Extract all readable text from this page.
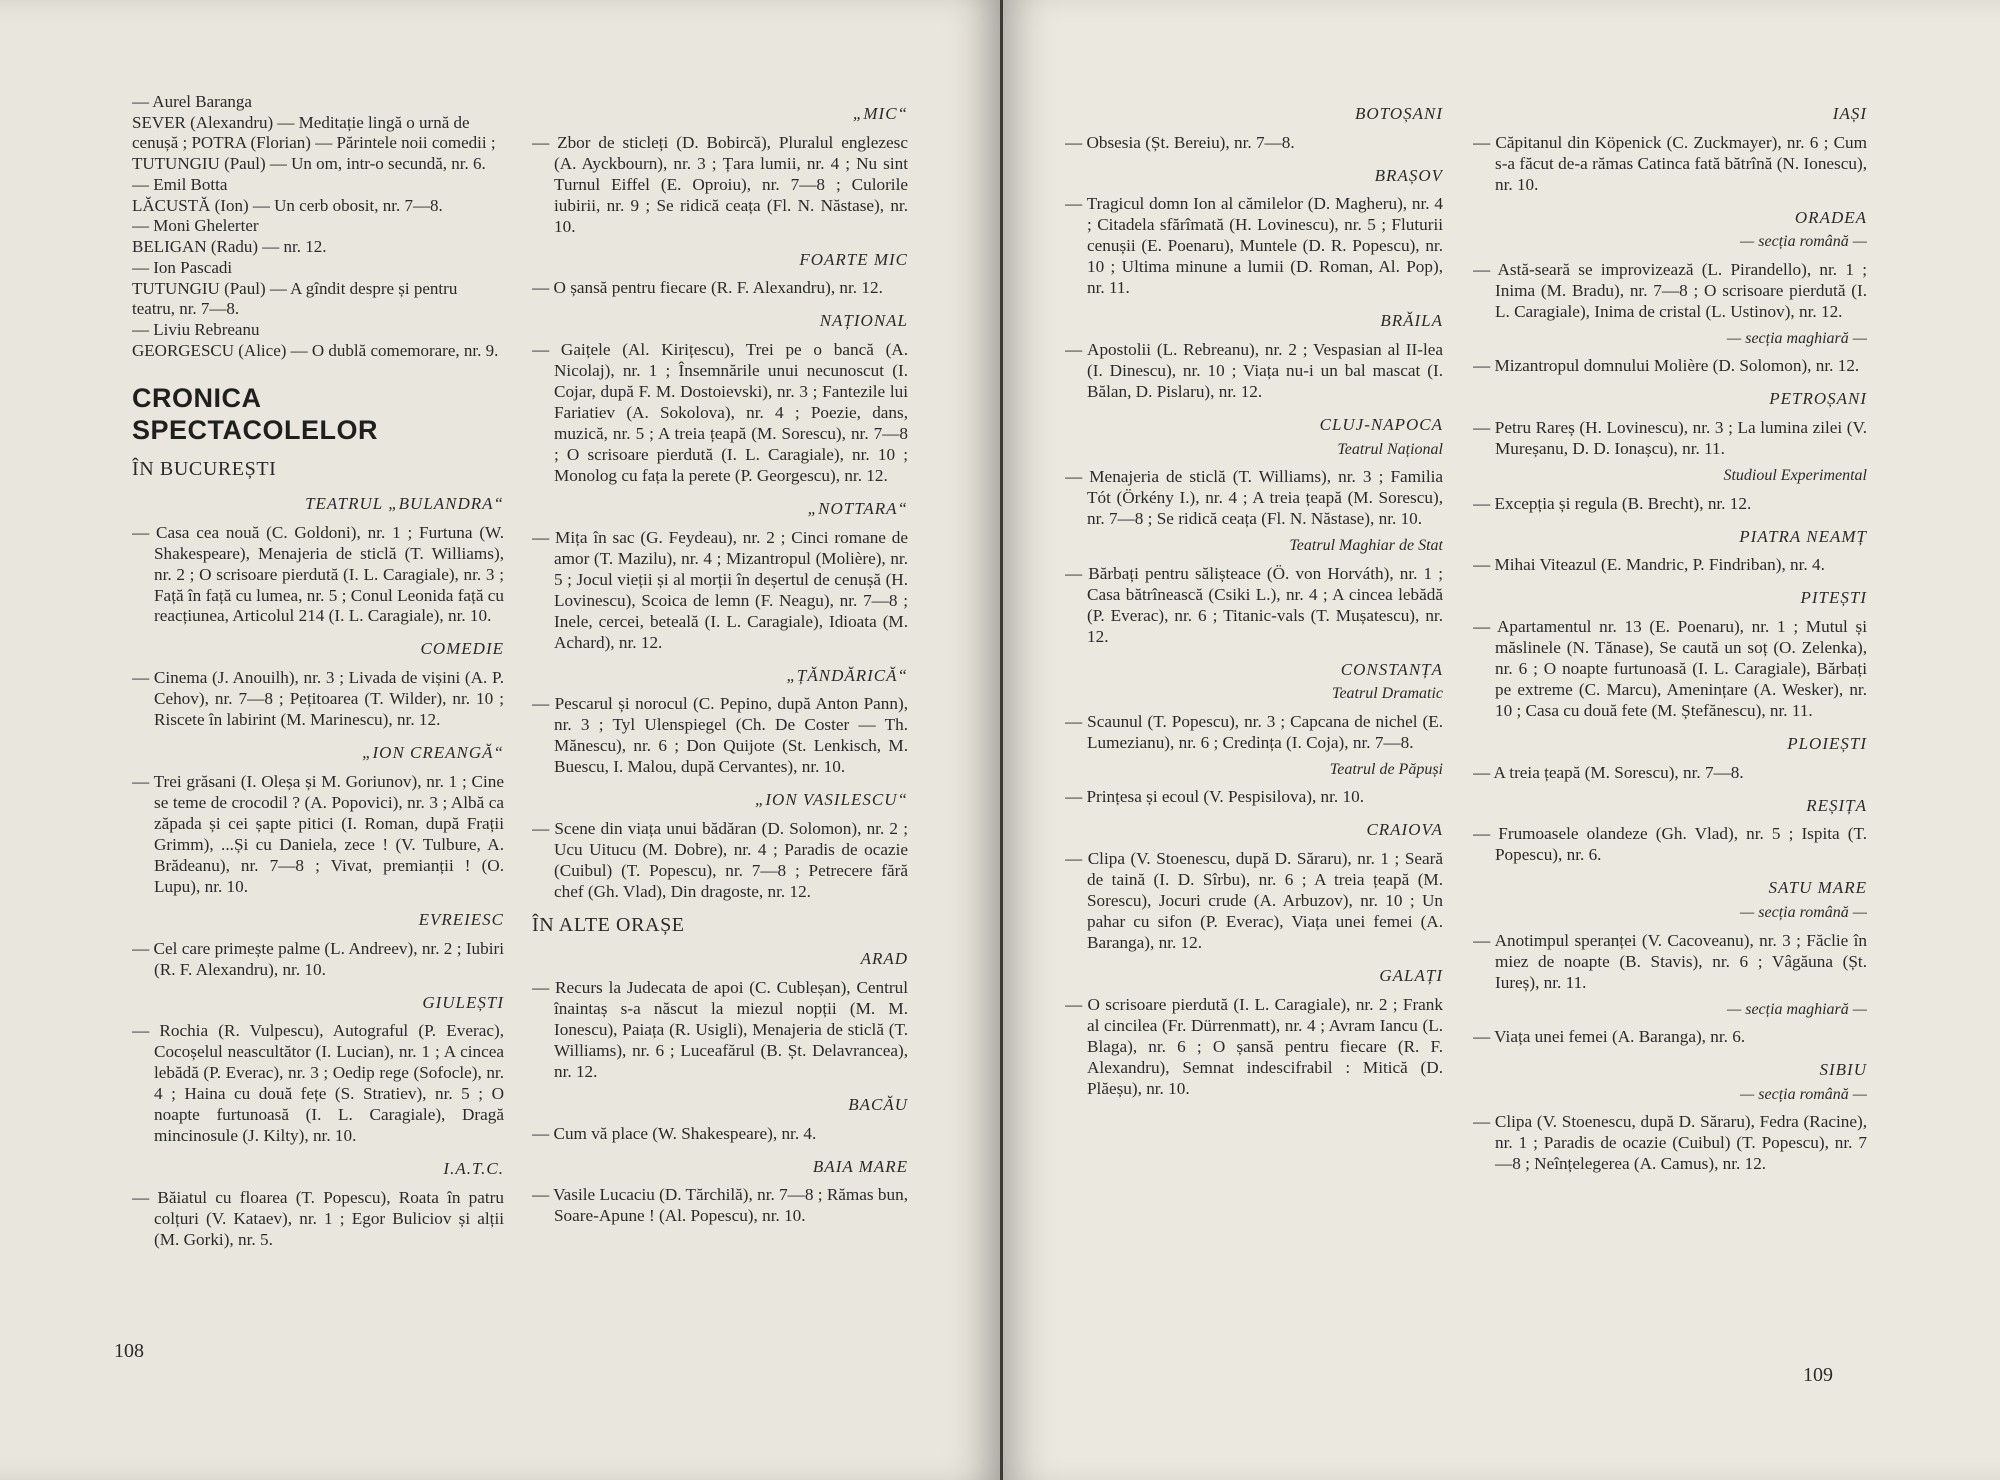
— Aurel Baranga
SEVER (Alexandru) — Meditație lingă o urnă de cenușă ; POTRA (Florian) — Părintele noii comedii ; TUTUNGIU (Paul) — Un om, intr-o secundă, nr. 6.
— Emil Botta
LĂCUSTĂ (Ion) — Un cerb obosit, nr. 7—8.
— Moni Ghelerter
BELIGAN (Radu) — nr. 12.
— Ion Pascadi
TUTUNGIU (Paul) — A gîndit despre și pentru teatru, nr. 7—8.
— Liviu Rebreanu
GEORGESCU (Alice) — O dublă comemorare, nr. 9.
CRONICA SPECTACOLELOR
ÎN BUCUREȘTI
TEATRUL „BULANDRA“
— Casa cea nouă (C. Goldoni), nr. 1 ; Furtuna (W. Shakespeare), Menajeria de sticlă (T. Williams), nr. 2 ; O scrisoare pierdută (I. L. Caragiale), nr. 3 ; Față în față cu lumea, nr. 5 ; Conul Leonida față cu reacțiunea, Articolul 214 (I. L. Caragiale), nr. 10.
COMEDIE
— Cinema (J. Anouilh), nr. 3 ; Livada de vișini (A. P. Cehov), nr. 7—8 ; Pețitoarea (T. Wilder), nr. 10 ; Riscete în labirint (M. Marinescu), nr. 12.
„ION CREANGĂ“
— Trei grăsani (I. Oleșa și M. Goriunov), nr. 1 ; Cine se teme de crocodil ? (A. Popovici), nr. 3 ; Albă ca zăpada și cei șapte pitici (I. Roman, după Frații Grimm), ...Și cu Daniela, zece ! (V. Tulbure, A. Brădeanu), nr. 7—8 ; Vivat, premianții ! (O. Lupu), nr. 10.
EVREIESC
— Cel care primește palme (L. Andreev), nr. 2 ; Iubiri (R. F. Alexandru), nr. 10.
GIULEȘTI
— Rochia (R. Vulpescu), Autograful (P. Everac), Cocoșelul neascultător (I. Lucian), nr. 1 ; A cincea lebădă (P. Everac), nr. 3 ; Oedip rege (Sofocle), nr. 4 ; Haina cu două fețe (S. Stratiev), nr. 5 ; O noapte furtunoasă (I. L. Caragiale), Dragă mincinosule (J. Kilty), nr. 10.
I.A.T.C.
— Băiatul cu floarea (T. Popescu), Roata în patru colțuri (V. Kataev), nr. 1 ; Egor Buliciov și alții (M. Gorki), nr. 5.
„MIC“
— Zbor de sticleți (D. Bobircă), Pluralul englezesc (A. Ayckbourn), nr. 3 ; Țara lumii, nr. 4 ; Nu sint Turnul Eiffel (E. Oproiu), nr. 7—8 ; Culorile iubirii, nr. 9 ; Se ridică ceața (Fl. N. Năstase), nr. 10.
FOARTE MIC
— O șansă pentru fiecare (R. F. Alexandru), nr. 12.
NAȚIONAL
— Gaițele (Al. Kirițescu), Trei pe o bancă (A. Nicolaj), nr. 1 ; Însemnările unui necunoscut (I. Cojar, după F. M. Dostoievski), nr. 3 ; Fantezile lui Fariatiev (A. Sokolova), nr. 4 ; Poezie, dans, muzică, nr. 5 ; A treia țeapă (M. Sorescu), nr. 7—8 ; O scrisoare pierdută (I. L. Caragiale), nr. 10 ; Monolog cu fața la perete (P. Georgescu), nr. 12.
„NOTTARA“
— Mița în sac (G. Feydeau), nr. 2 ; Cinci romane de amor (T. Mazilu), nr. 4 ; Mizantropul (Molière), nr. 5 ; Jocul vieții și al morții în deșertul de cenușă (H. Lovinescu), Scoica de lemn (F. Neagu), nr. 7—8 ; Inele, cercei, beteală (I. L. Caragiale), Idioata (M. Achard), nr. 12.
„ȚĂNDĂRICĂ“
— Pescarul și norocul (C. Pepino, după Anton Pann), nr. 3 ; Tyl Ulenspiegel (Ch. De Coster — Th. Mănescu), nr. 6 ; Don Quijote (St. Lenkisch, M. Buescu, I. Malou, după Cervantes), nr. 10.
„ION VASILESCU“
— Scene din viața unui bădăran (D. Solomon), nr. 2 ; Ucu Uitucu (M. Dobre), nr. 4 ; Paradis de ocazie (Cuibul) (T. Popescu), nr. 7—8 ; Petrecere fără chef (Gh. Vlad), Din dragoste, nr. 12.
ÎN ALTE ORAȘE
ARAD
— Recurs la Judecata de apoi (C. Cubleșan), Centrul înaintaș s-a născut la miezul nopții (M. M. Ionescu), Paiața (R. Usigli), Menajeria de sticlă (T. Williams), nr. 6 ; Luceafărul (B. Șt. Delavrancea), nr. 12.
BACĂU
— Cum vă place (W. Shakespeare), nr. 4.
BAIA MARE
— Vasile Lucaciu (D. Tărchilă), nr. 7—8 ; Rămas bun, Soare-Apune ! (Al. Popescu), nr. 10.
108
BOTOȘANI
— Obsesia (Șt. Bereiu), nr. 7—8.
BRAȘOV
— Tragicul domn Ion al cămilelor (D. Magheru), nr. 4 ; Citadela sfărîmată (H. Lovinescu), nr. 5 ; Fluturii cenușii (E. Poenaru), Muntele (D. R. Popescu), nr. 10 ; Ultima minune a lumii (D. Roman, Al. Pop), nr. 11.
BRĂILA
— Apostolii (L. Rebreanu), nr. 2 ; Vespasian al II-lea (I. Dinescu), nr. 10 ; Viața nu-i un bal mascat (I. Bălan, D. Pislaru), nr. 12.
CLUJ-NAPOCA
Teatrul Național
— Menajeria de sticlă (T. Williams), nr. 3 ; Familia Tót (Örkény I.), nr. 4 ; A treia țeapă (M. Sorescu), nr. 7—8 ; Se ridică ceața (Fl. N. Năstase), nr. 10.
Teatrul Maghiar de Stat
— Bărbați pentru sălișteace (Ö. von Horváth), nr. 1 ; Casa bătrînească (Csiki L.), nr. 4 ; A cincea lebădă (P. Everac), nr. 6 ; Titanic-vals (T. Mușatescu), nr. 12.
CONSTANȚA
Teatrul Dramatic
— Scaunul (T. Popescu), nr. 3 ; Capcana de nichel (E. Lumezianu), nr. 6 ; Credința (I. Coja), nr. 7—8.
Teatrul de Păpuși
— Prințesa și ecoul (V. Pespisilova), nr. 10.
CRAIOVA
— Clipa (V. Stoenescu, după D. Săraru), nr. 1 ; Seară de taină (I. D. Sîrbu), nr. 6 ; A treia țeapă (M. Sorescu), Jocuri crude (A. Arbuzov), nr. 10 ; Un pahar cu sifon (P. Everac), Viața unei femei (A. Baranga), nr. 12.
GALAȚI
— O scrisoare pierdută (I. L. Caragiale), nr. 2 ; Frank al cincilea (Fr. Dürrenmatt), nr. 4 ; Avram Iancu (L. Blaga), nr. 6 ; O șansă pentru fiecare (R. F. Alexandru), Semnat indescifrabil : Mitică (D. Plăeșu), nr. 10.
IAȘI
— Căpitanul din Köpenick (C. Zuckmayer), nr. 6 ; Cum s-a făcut de-a rămas Catinca fată bătrînă (N. Ionescu), nr. 10.
ORADEA
— secția română —
— Astă-seară se improvizează (L. Pirandello), nr. 1 ; Inima (M. Bradu), nr. 7—8 ; O scrisoare pierdută (I. L. Caragiale), Inima de cristal (L. Ustinov), nr. 12.
— secția maghiară —
— Mizantropul domnului Molière (D. Solomon), nr. 12.
PETROȘANI
— Petru Rareș (H. Lovinescu), nr. 3 ; La lumina zilei (V. Mureșanu, D. D. Ionașcu), nr. 11.
Studioul Experimental
— Excepția și regula (B. Brecht), nr. 12.
PIATRA NEAMȚ
— Mihai Viteazul (E. Mandric, P. Findriban), nr. 4.
PITEȘTI
— Apartamentul nr. 13 (E. Poenaru), nr. 1 ; Mutul și măslinele (N. Tănase), Se caută un soț (O. Zelenka), nr. 6 ; O noapte furtunoasă (I. L. Caragiale), Bărbați pe extreme (C. Marcu), Amenințare (A. Wesker), nr. 10 ; Casa cu două fete (M. Ștefănescu), nr. 11.
PLOIEȘTI
— A treia țeapă (M. Sorescu), nr. 7—8.
REȘIȚA
— Frumoasele olandeze (Gh. Vlad), nr. 5 ; Ispita (T. Popescu), nr. 6.
SATU MARE
— secția română —
— Anotimpul speranței (V. Cacoveanu), nr. 3 ; Făclie în miez de noapte (B. Stavis), nr. 6 ; Vâgăuna (Șt. Iureș), nr. 11.
— secția maghiară —
— Viața unei femei (A. Baranga), nr. 6.
SIBIU
— secția română —
— Clipa (V. Stoenescu, după D. Săraru), Fedra (Racine), nr. 1 ; Paradis de ocazie (Cuibul) (T. Popescu), nr. 7—8 ; Neînțelegerea (A. Camus), nr. 12.
109
